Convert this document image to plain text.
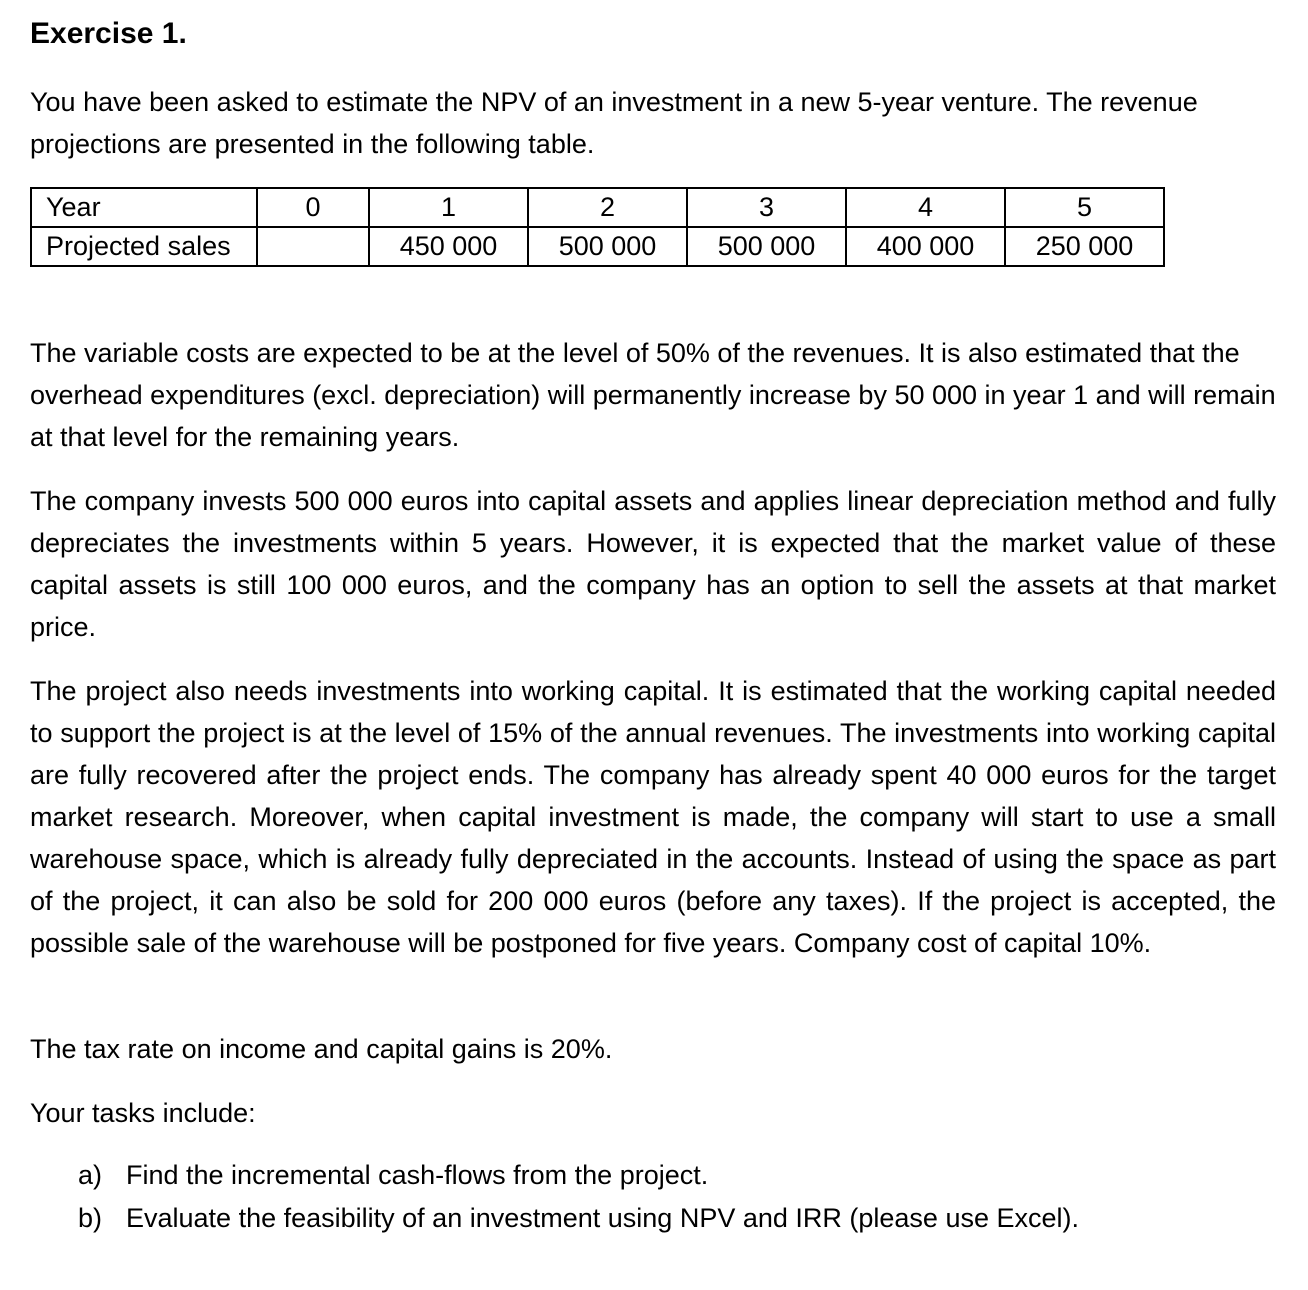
Exercise 1.

You have been asked to estimate the NPV of an investment in a new 5-year venture. The revenue projections are presented in the following table.

Year	0	1	2	3	4	5
Projected sales		450 000	500 000	500 000	400 000	250 000

The variable costs are expected to be at the level of 50% of the revenues. It is also estimated that the overhead expenditures (excl. depreciation) will permanently increase by 50 000 in year 1 and will remain at that level for the remaining years.

The company invests 500 000 euros into capital assets and applies linear depreciation method and fully depreciates the investments within 5 years. However, it is expected that the market value of these capital assets is still 100 000 euros, and the company has an option to sell the assets at that market price.

The project also needs investments into working capital. It is estimated that the working capital needed to support the project is at the level of 15% of the annual revenues. The investments into working capital are fully recovered after the project ends. The company has already spent 40 000 euros for the target market research. Moreover, when capital investment is made, the company will start to use a small warehouse space, which is already fully depreciated in the accounts. Instead of using the space as part of the project, it can also be sold for 200 000 euros (before any taxes). If the project is accepted, the possible sale of the warehouse will be postponed for five years. Company cost of capital 10%.

The tax rate on income and capital gains is 20%.

Your tasks include:

a) Find the incremental cash-flows from the project.
b) Evaluate the feasibility of an investment using NPV and IRR (please use Excel).
